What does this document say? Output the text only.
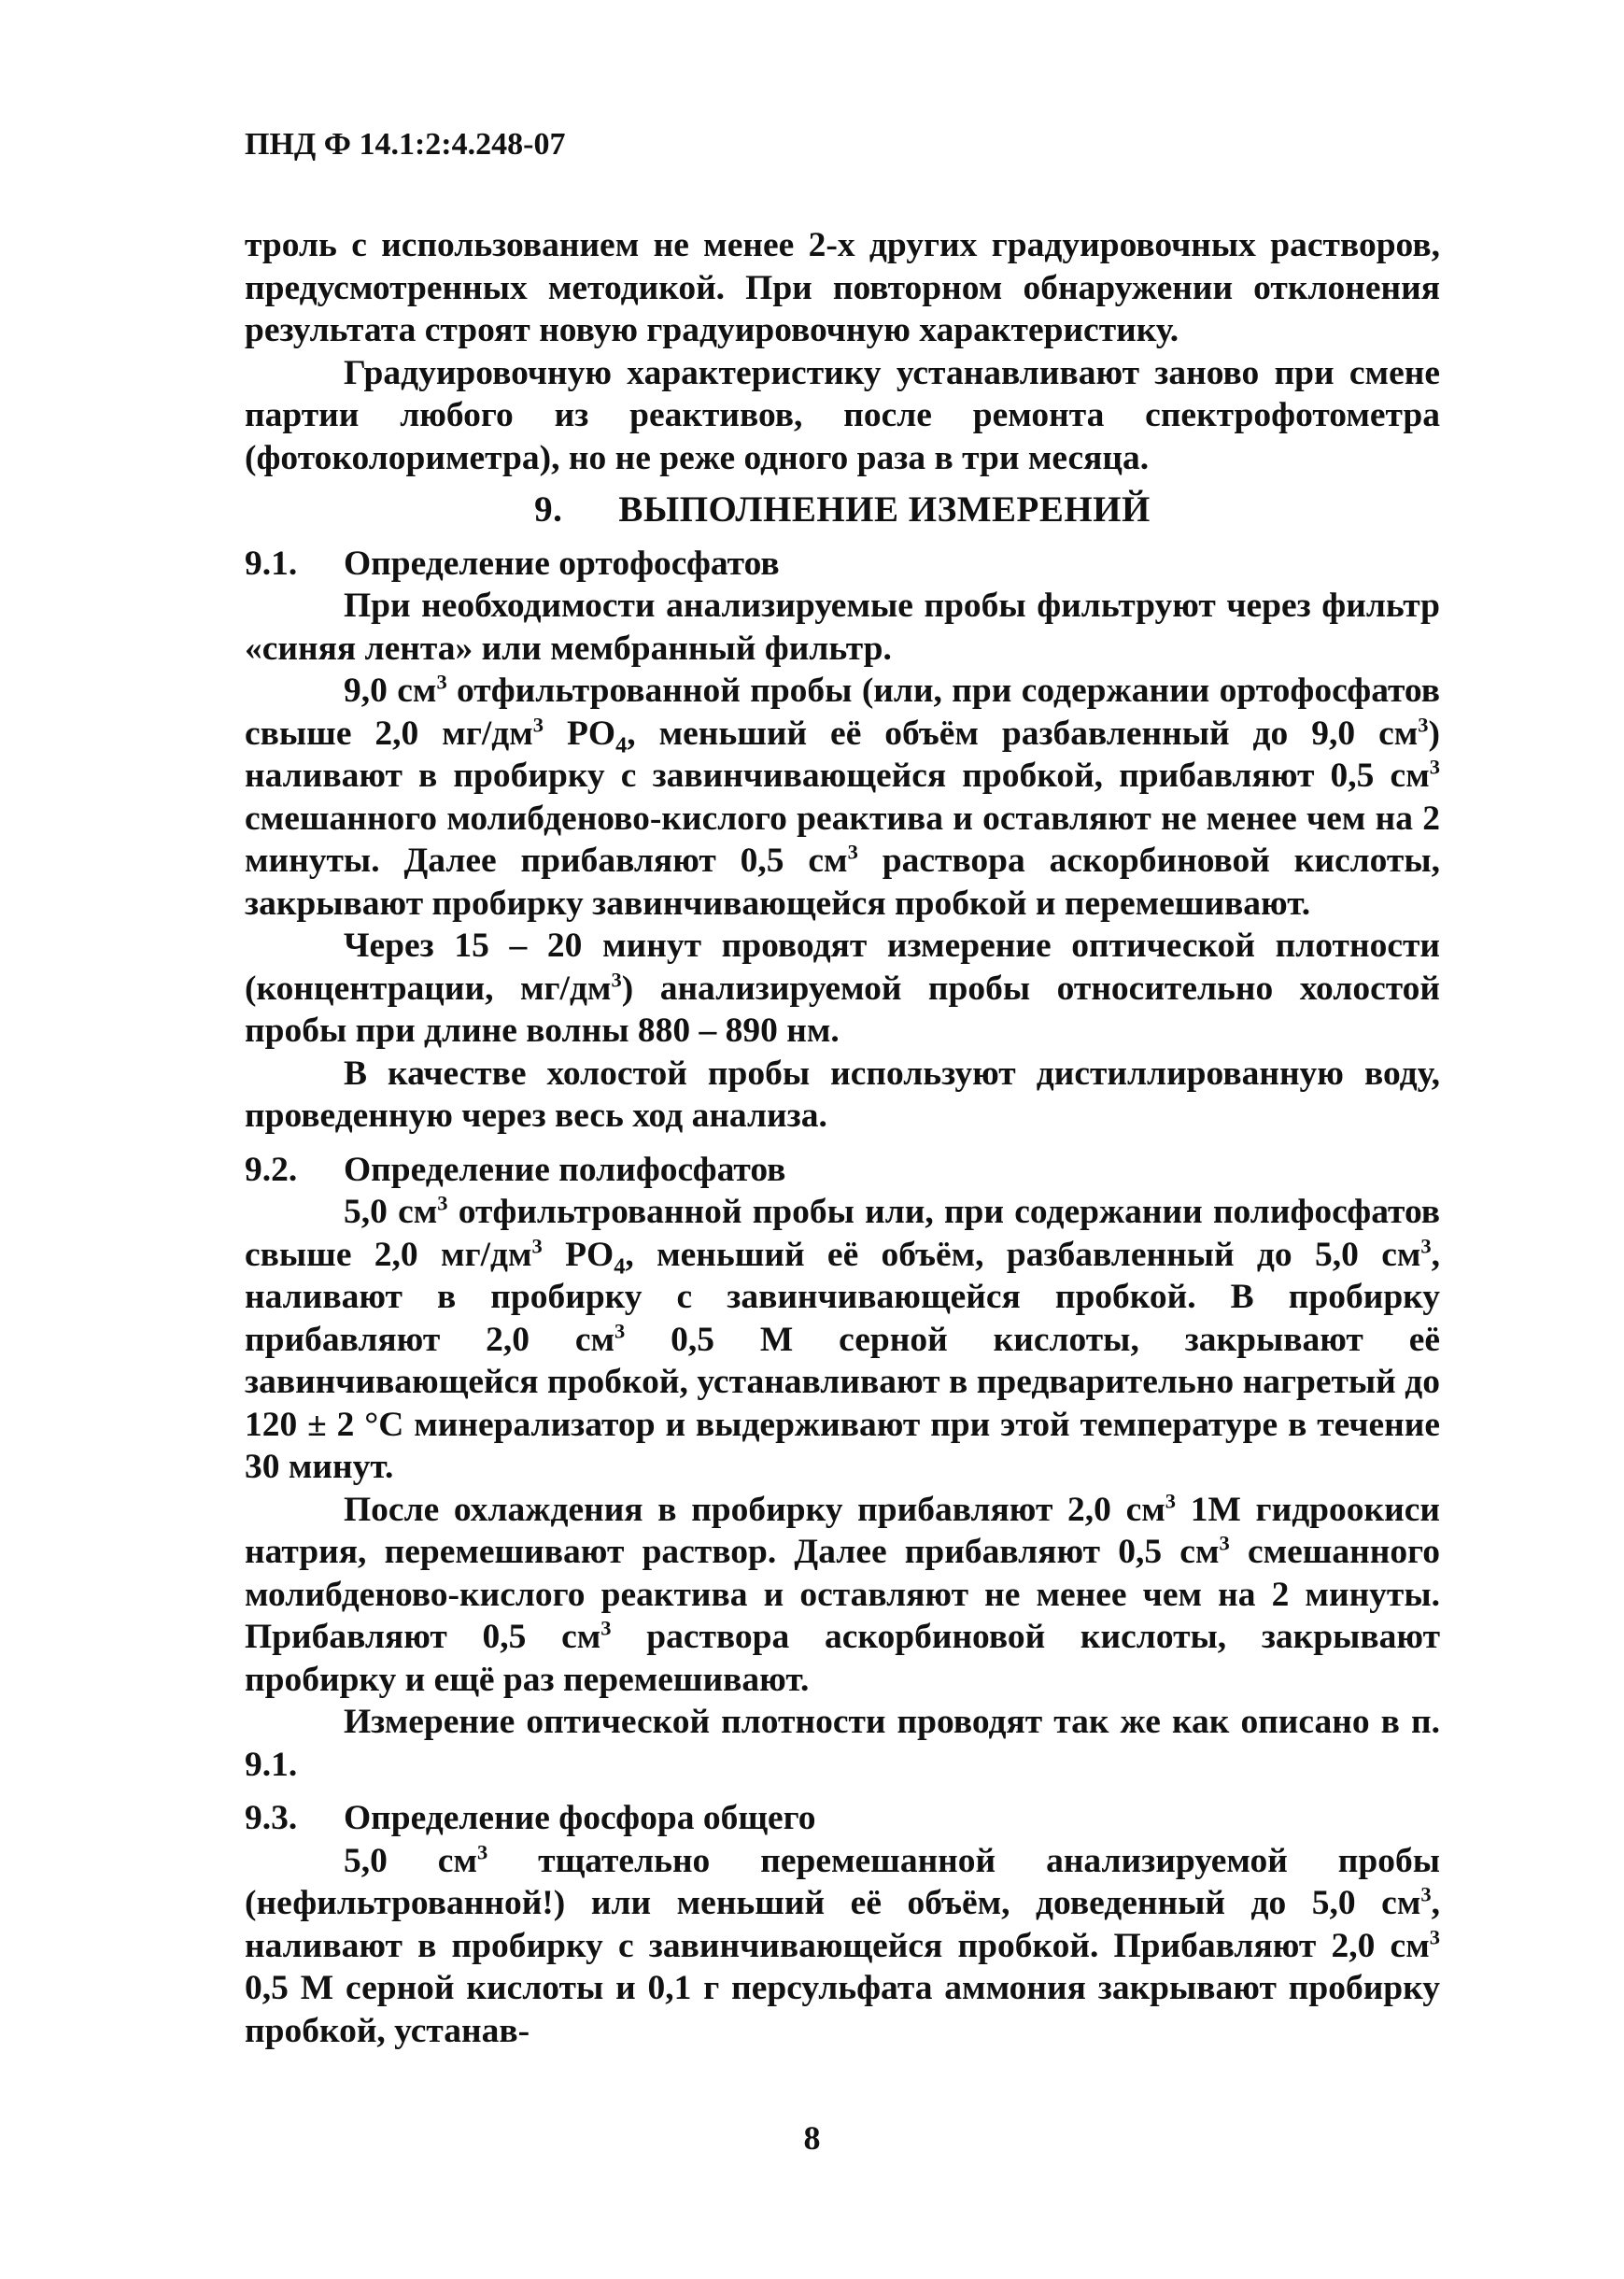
ПНД Ф 14.1:2:4.248-07

троль с использованием не менее 2-х других градуировочных растворов, предусмотренных методикой. При повторном обнаружении отклонения результата строят новую градуировочную характеристику.

Градуировочную характеристику устанавливают заново при смене партии любого из реактивов, после ремонта спектрофотометра (фотоколориметра), но не реже одного раза в три месяца.

9. ВЫПОЛНЕНИЕ ИЗМЕРЕНИЙ
9.1. Определение ортофосфатов

При необходимости анализируемые пробы фильтруют через фильтр «синяя лента» или мембранный фильтр.

9,0 $см^3$ отфильтрованной пробы (или, при содержании ортофосфатов свыше 2,0 $мг/дм^3$ $PO_4$, меньший её объём разбавленный до 9,0 $см^3$) наливают в пробирку с завинчивающейся пробкой, прибавляют 0,5 $см^3$ смешанного молибденово-кислого реактива и оставляют не менее чем на 2 минуты. Далее прибавляют 0,5 $см^3$ раствора аскорбиновой кислоты, закрывают пробирку завинчивающейся пробкой и перемешивают.

Через 15 – 20 минут проводят измерение оптической плотности (концентрации, $мг/дм^3$) анализируемой пробы относительно холостой пробы при длине волны 880 – 890 нм.

В качестве холостой пробы используют дистиллированную воду, проведенную через весь ход анализа.

9.2. Определение полифосфатов

5,0 $см^3$ отфильтрованной пробы или, при содержании полифосфатов свыше 2,0 $мг/дм^3$ $PO_4$, меньший её объём, разбавленный до 5,0 $см^3$, наливают в пробирку с завинчивающейся пробкой. В пробирку прибавляют 2,0 $см^3$ 0,5 М серной кислоты, закрывают её завинчивающейся пробкой, устанавливают в предварительно нагретый до 120 ± 2 °С минерализатор и выдерживают при этой температуре в течение 30 минут.

После охлаждения в пробирку прибавляют 2,0 $см^3$ 1М гидроокиси натрия, перемешивают раствор. Далее прибавляют 0,5 $см^3$ смешанного молибденово-кислого реактива и оставляют не менее чем на 2 минуты. Прибавляют 0,5 $см^3$ раствора аскорбиновой кислоты, закрывают пробирку и ещё раз перемешивают.

Измерение оптической плотности проводят так же как описано в п. 9.1.

9.3. Определение фосфора общего

5,0 $см^3$ тщательно перемешанной анализируемой пробы (нефильтрованной!) или меньший её объём, доведенный до 5,0 $см^3$, наливают в пробирку с завинчивающейся пробкой. Прибавляют 2,0 $см^3$ 0,5 М серной кислоты и 0,1 г персульфата аммония закрывают пробирку пробкой, устанав-

8
